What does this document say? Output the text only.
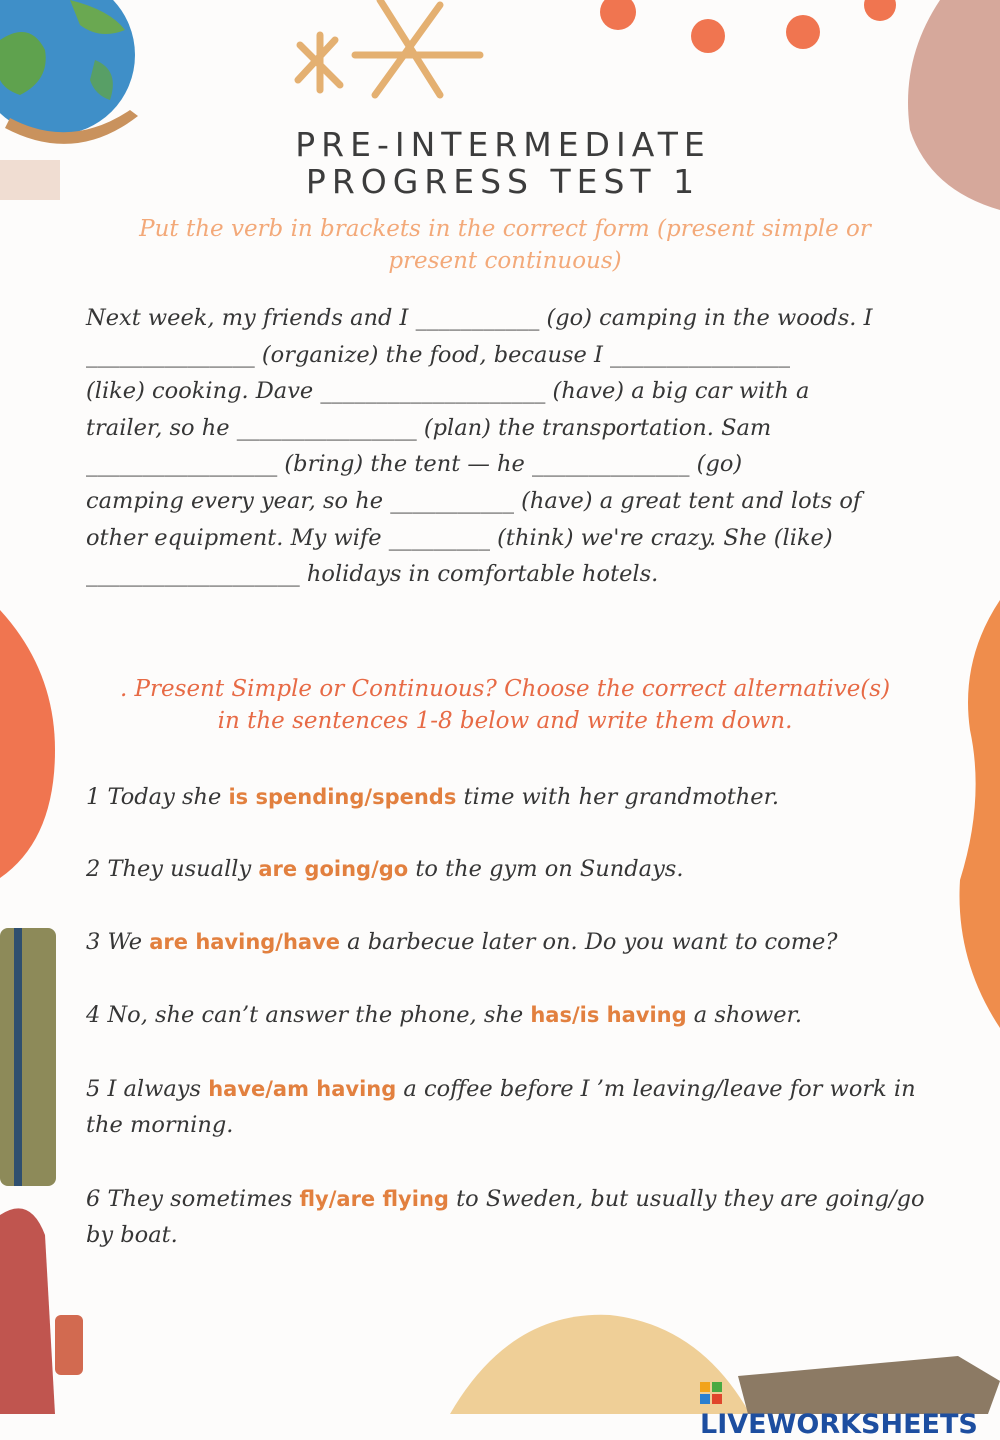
PRE-INTERMEDIATE
PROGRESS TEST 1
Put the verb in brackets in the correct form (present simple or present continuous)
Next week, my friends and I ___________ (go) camping in the woods. I
_______________ (organize) the food, because I ________________
(like) cooking. Dave ____________________ (have) a big car with a
trailer, so he ________________ (plan) the transportation. Sam
_________________ (bring) the tent — he ______________ (go)
camping every year, so he ___________ (have) a great tent and lots of
other equipment. My wife _________ (think) we're crazy. She (like)
___________________ holidays in comfortable hotels.
. Present Simple or Continuous? Choose the correct alternative(s) in the sentences 1-8 below and write them down.
1 Today she is spending/spends time with her grandmother.
2 They usually are going/go to the gym on Sundays.
3 We are having/have a barbecue later on. Do you want to come?
4 No, she can’t answer the phone, she has/is having a shower.
5 I always have/am having a coffee before I ’m leaving/leave for work in the morning.
6 They sometimes fly/are flying to Sweden, but usually they are going/go by boat.
LIVEWORKSHEETS
